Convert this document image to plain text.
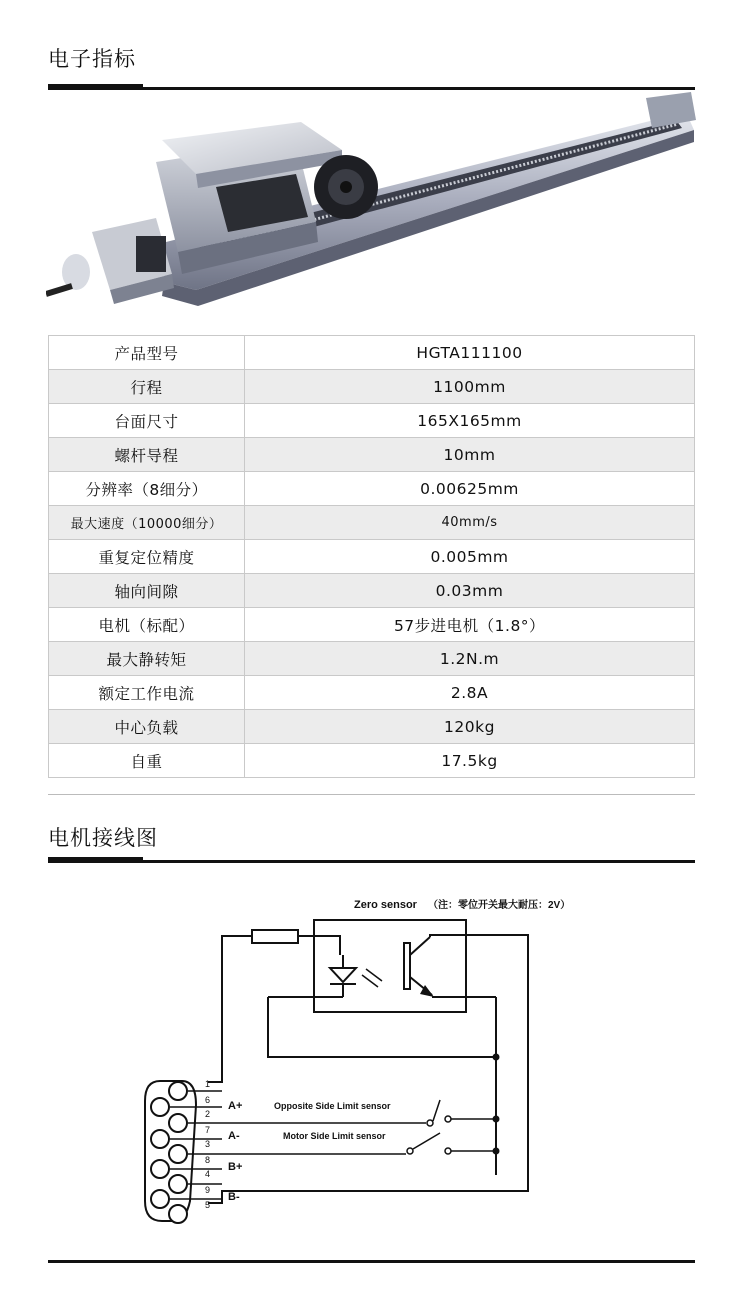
电子指标
产品型号	HGTA111100
行程	1100mm
台面尺寸	165X165mm
螺杆导程	10mm
分辨率（8细分）	0.00625mm
最大速度（10000细分）	40mm/s
重复定位精度	0.005mm
轴向间隙	0.03mm
电机（标配）	57步进电机（1.8°）
最大静转矩	1.2N.m
额定工作电流	2.8A
中心负载	120kg
自重	17.5kg
电机接线图
Zero sensor （注：零位开关最大耐压：2V）
1
6
2
7
3
8
4
9
5
A+
A-
B+
B-
Opposite Side Limit sensor
Motor Side Limit sensor
